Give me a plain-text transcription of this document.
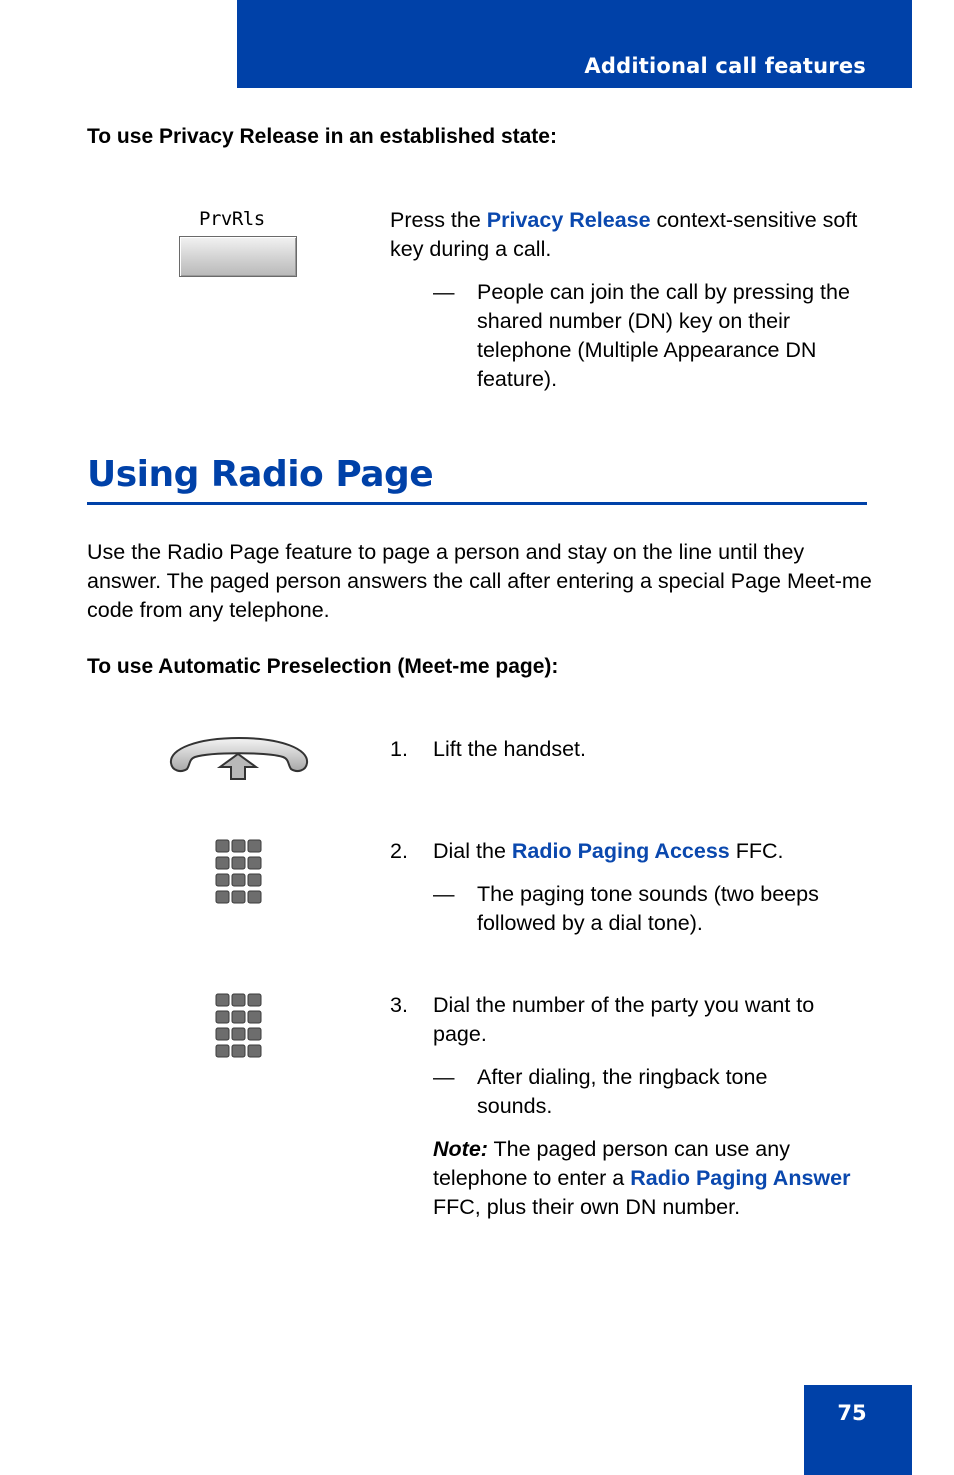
Additional call features
To use Privacy Release in an established state:
PrvRls	Press the Privacy Release context-sensitive soft key during a call.
— People can join the call by pressing the shared number (DN) key on their telephone (Multiple Appearance DN feature).
Using Radio Page
Use the Radio Page feature to page a person and stay on the line until they answer. The paged person answers the call after entering a special Page Meet-me code from any telephone.
To use Automatic Preselection (Meet-me page):
1. Lift the handset.
2. Dial the Radio Paging Access FFC.
— The paging tone sounds (two beeps followed by a dial tone).
3. Dial the number of the party you want to page.
— After dialing, the ringback tone sounds.
Note: The paged person can use any telephone to enter a Radio Paging Answer FFC, plus their own DN number.
75
